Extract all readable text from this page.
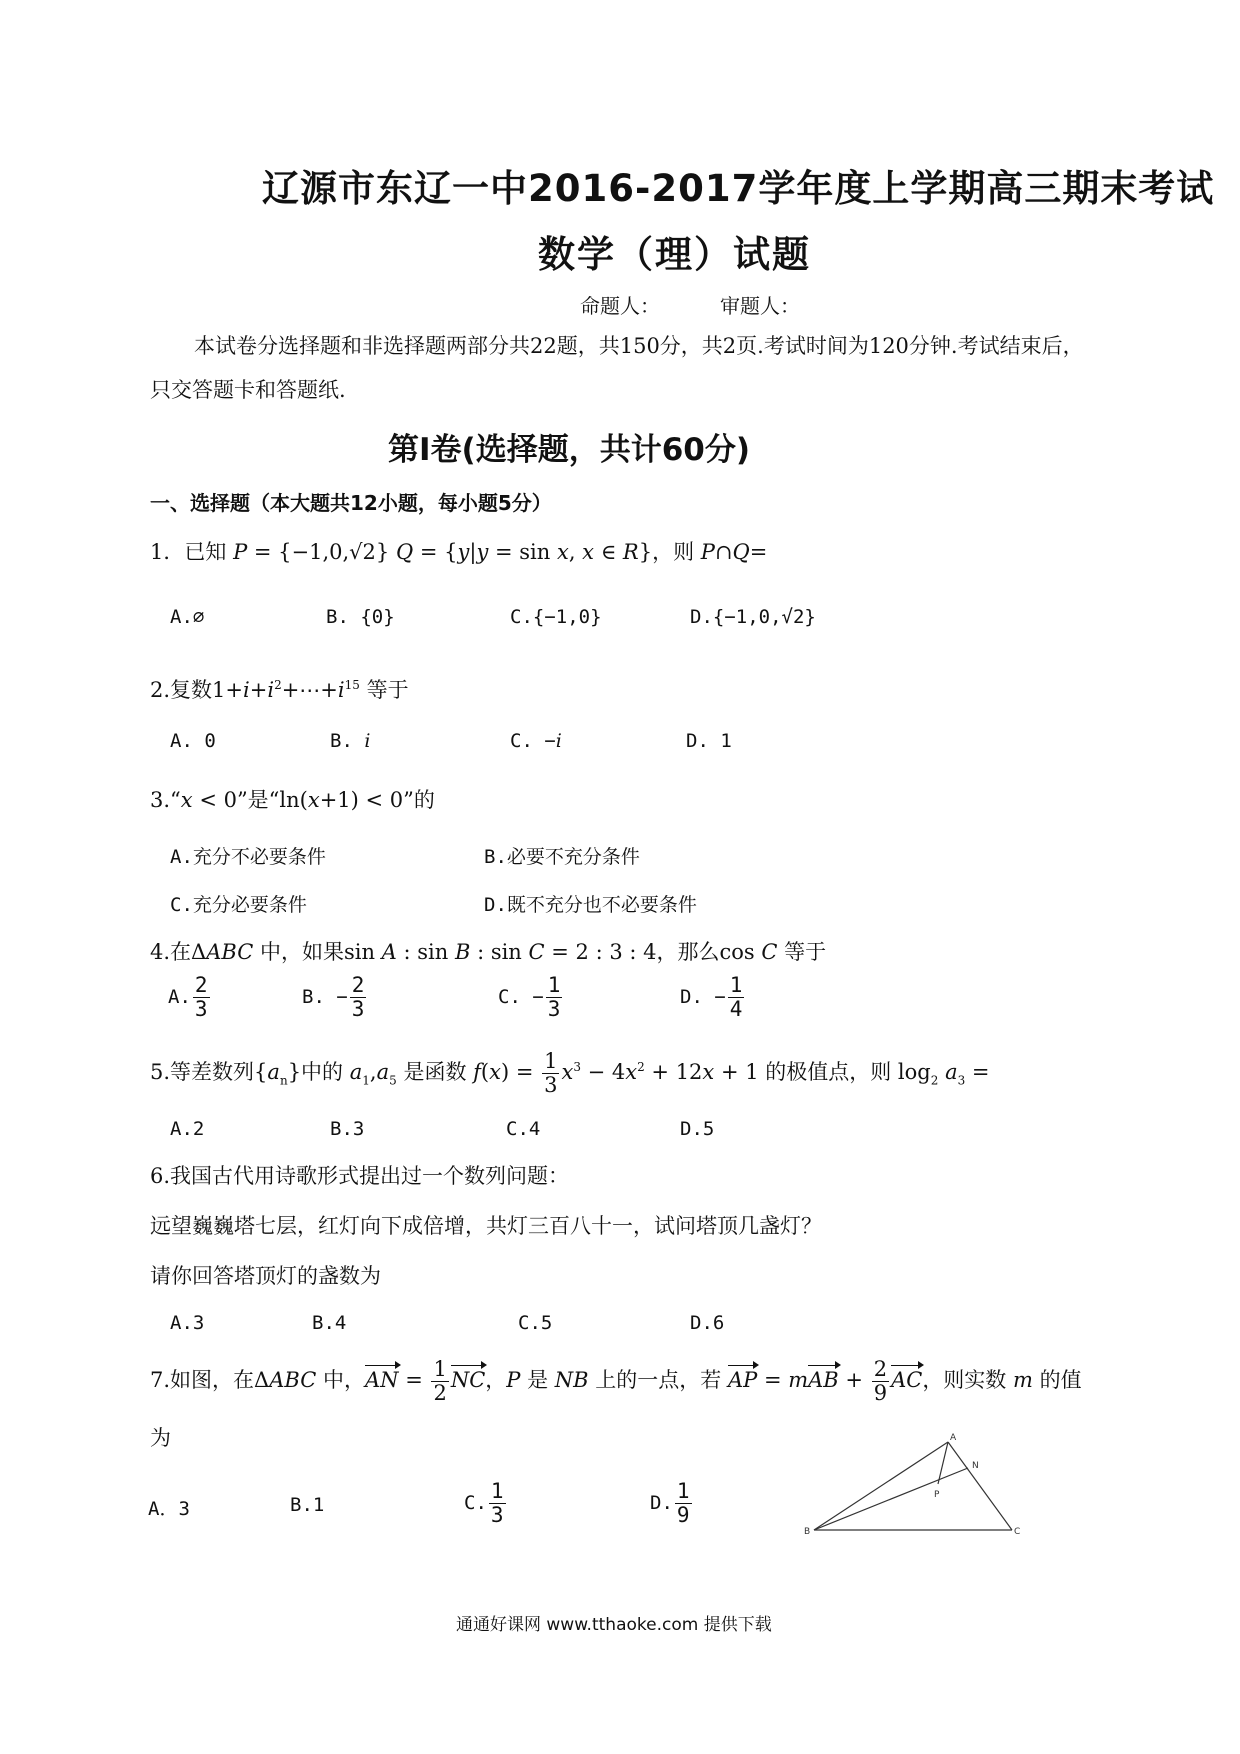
辽源市东辽一中2016-2017学年度上学期高三期末考试
数学（理）试题
命题人：	审题人：
本试卷分选择题和非选择题两部分共22题，共150分，共2页.考试时间为120分钟.考试结束后，只交答题卡和答题纸.
第Ⅰ卷(选择题，共计60分)
一、选择题（本大题共12小题，每小题5分）
1．已知 P = {−1,0,√2} Q = {y|y = sin x, x ∈ R}，则 P∩Q=
A.∅	B. {0}	C.{−1,0}	D.{−1,0,√2}
2.复数$1+i+i^2+\cdots+i^{15}$ 等于
A. 0	B. i	C. −i	D. 1
3.“x < 0”是“ln(x+1) < 0”的
A.充分不必要条件	B.必要不充分条件
C.充分必要条件	D.既不充分也不必要条件
4.在ΔABC 中，如果sin A : sin B : sin C = 2 : 3 : 4，那么cos C 等于
A. $\frac{2}{3}$	B. − $\frac{2}{3}$	C. − $\frac{1}{3}$	D. − $\frac{1}{4}$
5.等差数列$\{a_n\}$中的 $a_1,a_5$ 是函数 $f(x) = \frac{1}{3} x^3 - 4x^2 + 12x + 1$ 的极值点，则 $\log_2 a_3$ =
A.2	B.3	C.4	D.5
6.我国古代用诗歌形式提出过一个数列问题：
远望巍巍塔七层，红灯向下成倍增，共灯三百八十一，试问塔顶几盏灯？
请你回答塔顶灯的盏数为
A.3	B.4	C.5	D.6
7.如图，在ΔABC 中，AN = $\frac{1}{2}$ NC，P 是 NB 上的一点，若 AP = mAB + $\frac{2}{9}$ AC，则实数 m 的值
为
A．3	B.1	C. $\frac{1}{3}$	D. $\frac{1}{9}$
B
A
N
P
C
通通好课网 www.tthaoke.com 提供下载
